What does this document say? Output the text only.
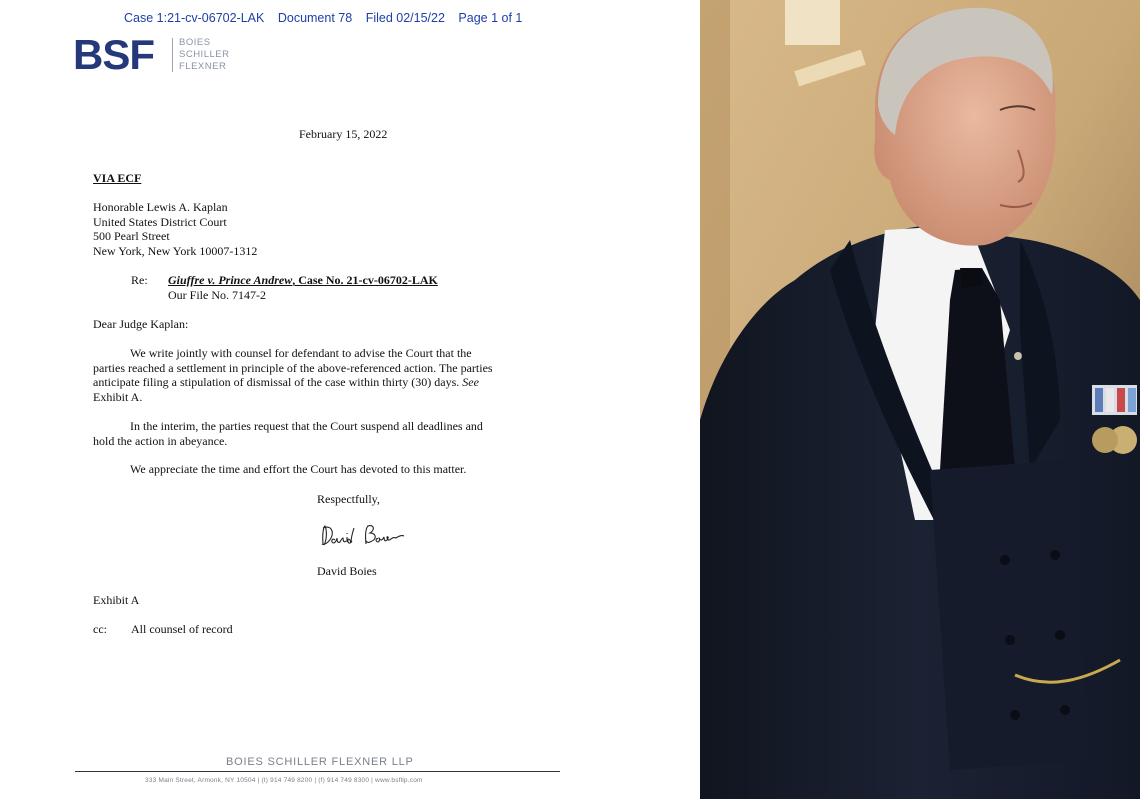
Case 1:21-cv-06702-LAK Document 78 Filed 02/15/22 Page 1 of 1
BSF	BOIES
SCHILLER
FLEXNER
February 15, 2022
VIA ECF
Honorable Lewis A. Kaplan
United States District Court
500 Pearl Street
New York, New York 10007-1312
Re: Giuffre v. Prince Andrew, Case No. 21-cv-06702-LAK
Our File No. 7147-2
Dear Judge Kaplan:
We write jointly with counsel for defendant to advise the Court that the
parties reached a settlement in principle of the above-referenced action. The parties
anticipate filing a stipulation of dismissal of the case within thirty (30) days. See
Exhibit A.
In the interim, the parties request that the Court suspend all deadlines and
hold the action in abeyance.
We appreciate the time and effort the Court has devoted to this matter.
Respectfully,
David Boies
Exhibit A
cc: All counsel of record
BOIES SCHILLER FLEXNER LLP
333 Main Street, Armonk, NY 10504 | (t) 914 749 8200 | (f) 914 749 8300 | www.bsfllp.com
